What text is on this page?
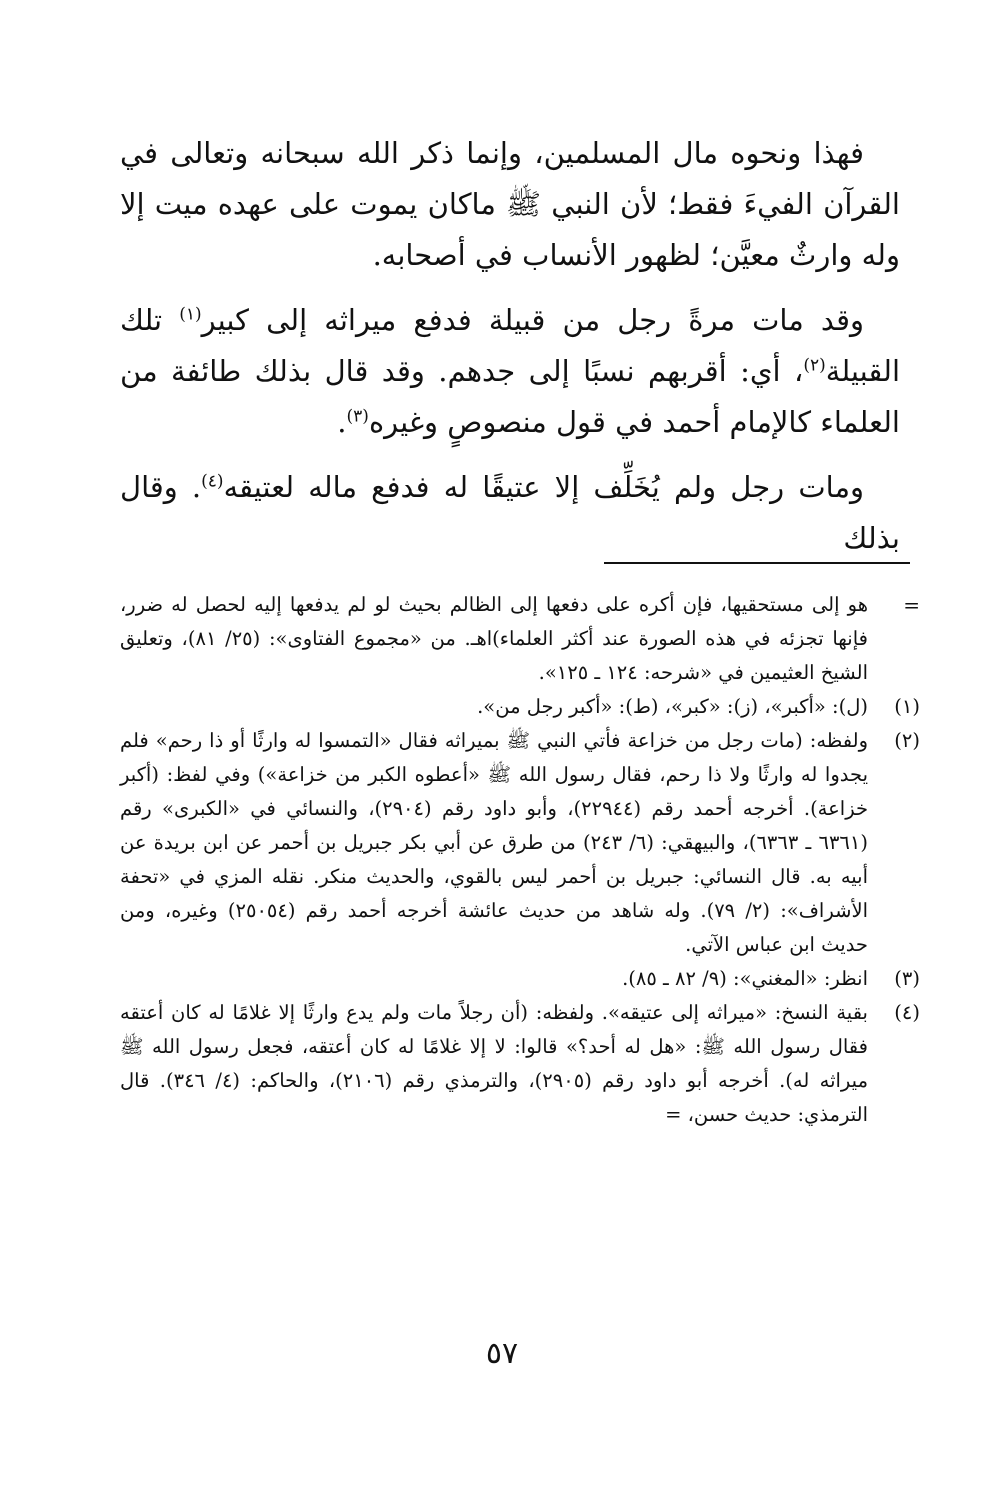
فهذا ونحوه مال المسلمين، وإنما ذكر الله سبحانه وتعالى في القرآن الفيءَ فقط؛ لأن النبي ﷺ ماكان يموت على عهده ميت إلا وله وارثٌ معيَّن؛ لظهور الأنساب في أصحابه.

وقد مات مرةً رجل من قبيلة فدفع ميراثه إلى كبير$^{(١)}$ تلك القبيلة$^{(٢)}$، أي: أقربهم نسبًا إلى جدهم. وقد قال بذلك طائفة من العلماء كالإمام أحمد في قول منصوصٍ وغيره$^{(٣)}$.

ومات رجل ولم يُخَلِّف إلا عتيقًا له فدفع ماله لعتيقه$^{(٤)}$. وقال بذلك

=
هو إلى مستحقيها، فإن أكره على دفعها إلى الظالم بحيث لو لم يدفعها إليه لحصل له ضرر، فإنها تجزئه في هذه الصورة عند أكثر العلماء)اهـ. من «مجموع الفتاوى»: (٢٥/ ٨١)، وتعليق الشيخ العثيمين في «شرحه: ١٢٤ ـ ١٢٥».
(١)
(ل): «أكبر»، (ز): «كبر»، (ط): «أكبر رجل من».
(٢)
ولفظه: (مات رجل من خزاعة فأتي النبي ﷺ بميراثه فقال «التمسوا له وارثًا أو ذا رحم» فلم يجدوا له وارثًا ولا ذا رحم، فقال رسول الله ﷺ «أعطوه الكبر من خزاعة») وفي لفظ: (أكبر خزاعة). أخرجه أحمد رقم (٢٢٩٤٤)، وأبو داود رقم (٢٩٠٤)، والنسائي في «الكبرى» رقم (٦٣٦١ ـ ٦٣٦٣)، والبيهقي: (٦/ ٢٤٣) من طرق عن أبي بكر جبريل بن أحمر عن ابن بريدة عن أبيه به. قال النسائي: جبريل بن أحمر ليس بالقوي، والحديث منكر. نقله المزي في «تحفة الأشراف»: (٢/ ٧٩). وله شاهد من حديث عائشة أخرجه أحمد رقم (٢٥٠٥٤) وغيره، ومن حديث ابن عباس الآتي.
(٣)
انظر: «المغني»: (٩/ ٨٢ ـ ٨٥).
(٤)
بقية النسخ: «ميراثه إلى عتيقه». ولفظه: (أن رجلاً مات ولم يدع وارثًا إلا غلامًا له كان أعتقه فقال رسول الله ﷺ: «هل له أحد؟» قالوا: لا إلا غلامًا له كان أعتقه، فجعل رسول الله ﷺ ميراثه له). أخرجه أبو داود رقم (٢٩٠٥)، والترمذي رقم (٢١٠٦)، والحاكم: (٤/ ٣٤٦). قال الترمذي: حديث حسن، =
٥٧
